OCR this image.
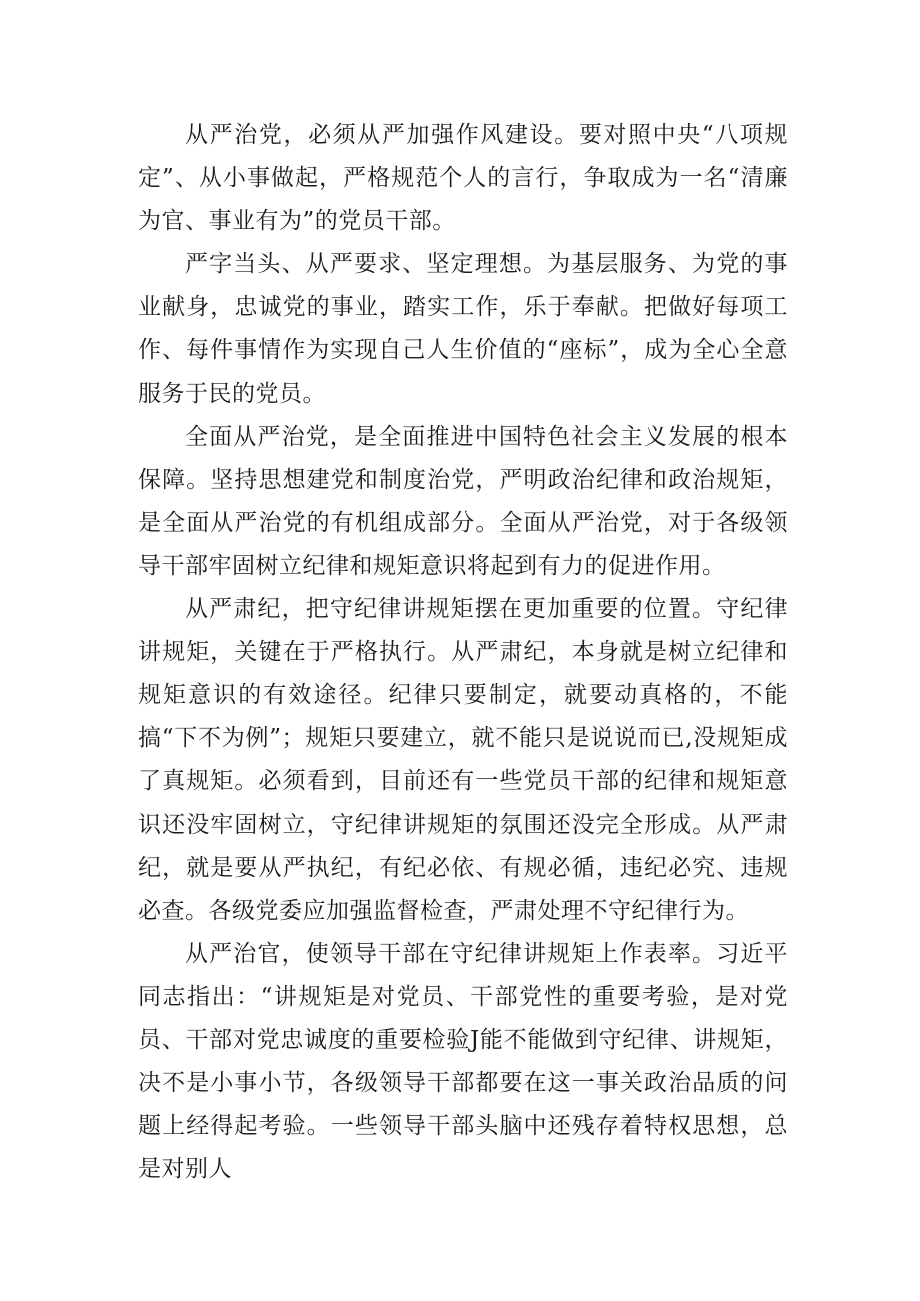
从严治党，必须从严加强作风建设。要对照中央“八项规定”、从小事做起，严格规范个人的言行，争取成为一名“清廉为官、事业有为”的党员干部。

严字当头、从严要求、坚定理想。为基层服务、为党的事业献身，忠诚党的事业，踏实工作，乐于奉献。把做好每项工作、每件事情作为实现自己人生价值的“座标”，成为全心全意服务于民的党员。

全面从严治党，是全面推进中国特色社会主义发展的根本保障。坚持思想建党和制度治党，严明政治纪律和政治规矩，是全面从严治党的有机组成部分。全面从严治党，对于各级领导干部牢固树立纪律和规矩意识将起到有力的促进作用。

从严肃纪，把守纪律讲规矩摆在更加重要的位置。守纪律讲规矩，关键在于严格执行。从严肃纪，本身就是树立纪律和规矩意识的有效途径。纪律只要制定，就要动真格的，不能搞“下不为例”；规矩只要建立，就不能只是说说而已,没规矩成了真规矩。必须看到，目前还有一些党员干部的纪律和规矩意识还没牢固树立，守纪律讲规矩的氛围还没完全形成。从严肃纪，就是要从严执纪，有纪必依、有规必循，违纪必究、违规必查。各级党委应加强监督检查，严肃处理不守纪律行为。

从严治官，使领导干部在守纪律讲规矩上作表率。习近平同志指出：“讲规矩是对党员、干部党性的重要考验，是对党员、干部对党忠诚度的重要检验J能不能做到守纪律、讲规矩，决不是小事小节，各级领导干部都要在这一事关政治品质的问题上经得起考验。一些领导干部头脑中还残存着特权思想，总是对别人
